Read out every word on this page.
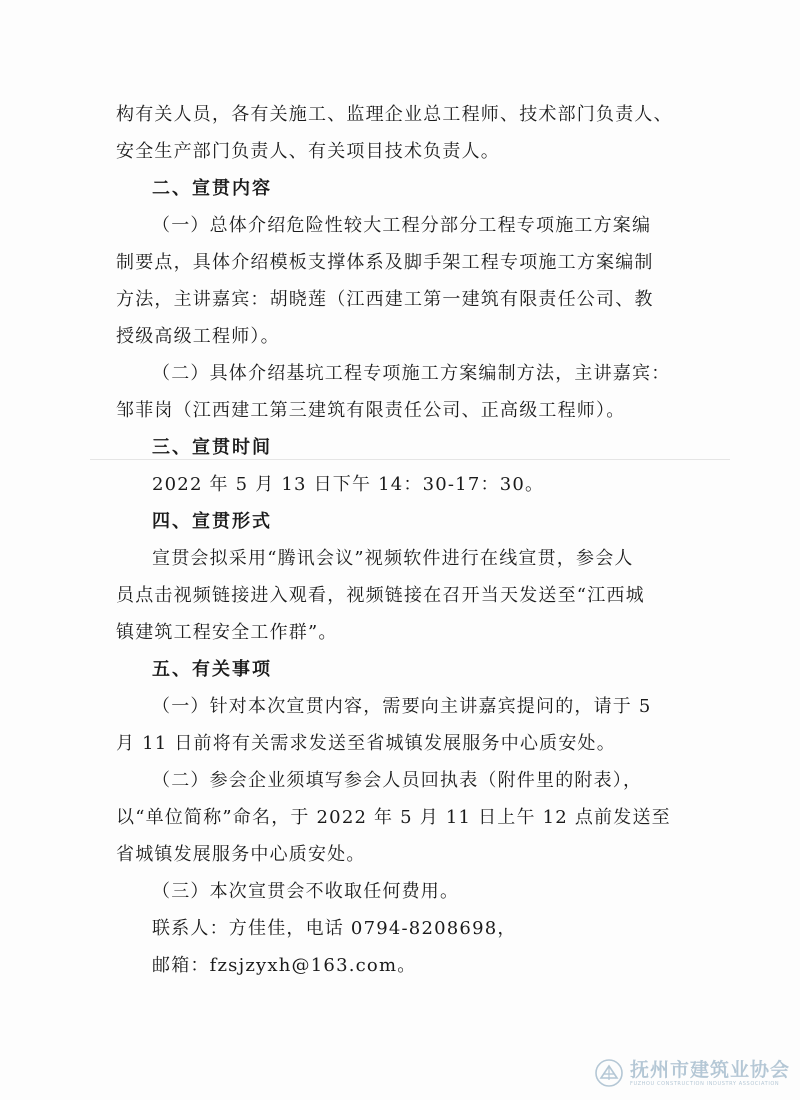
构有关人员，各有关施工、监理企业总工程师、技术部门负责人、
安全生产部门负责人、有关项目技术负责人。
二、宣贯内容
（一）总体介绍危险性较大工程分部分工程专项施工方案编
制要点，具体介绍模板支撑体系及脚手架工程专项施工方案编制
方法，主讲嘉宾：胡晓莲（江西建工第一建筑有限责任公司、教
授级高级工程师）。
（二）具体介绍基坑工程专项施工方案编制方法，主讲嘉宾：
邹菲岗（江西建工第三建筑有限责任公司、正高级工程师）。
三、宣贯时间
2022 年 5 月 13 日下午 14：30-17：30。
四、宣贯形式
宣贯会拟采用“腾讯会议”视频软件进行在线宣贯，参会人
员点击视频链接进入观看，视频链接在召开当天发送至“江西城
镇建筑工程安全工作群”。
五、有关事项
（一）针对本次宣贯内容，需要向主讲嘉宾提问的，请于 5
月 11 日前将有关需求发送至省城镇发展服务中心质安处。
（二）参会企业须填写参会人员回执表（附件里的附表），
以“单位简称”命名，于 2022 年 5 月 11 日上午 12 点前发送至
省城镇发展服务中心质安处。
（三）本次宣贯会不收取任何费用。
联系人：方佳佳，电话 0794-8208698，
邮箱：fzsjzyxh@163.com。
抚州市建筑业协会
FUZHOU CONSTRUCTION INDUSTRY ASSOCIATION
